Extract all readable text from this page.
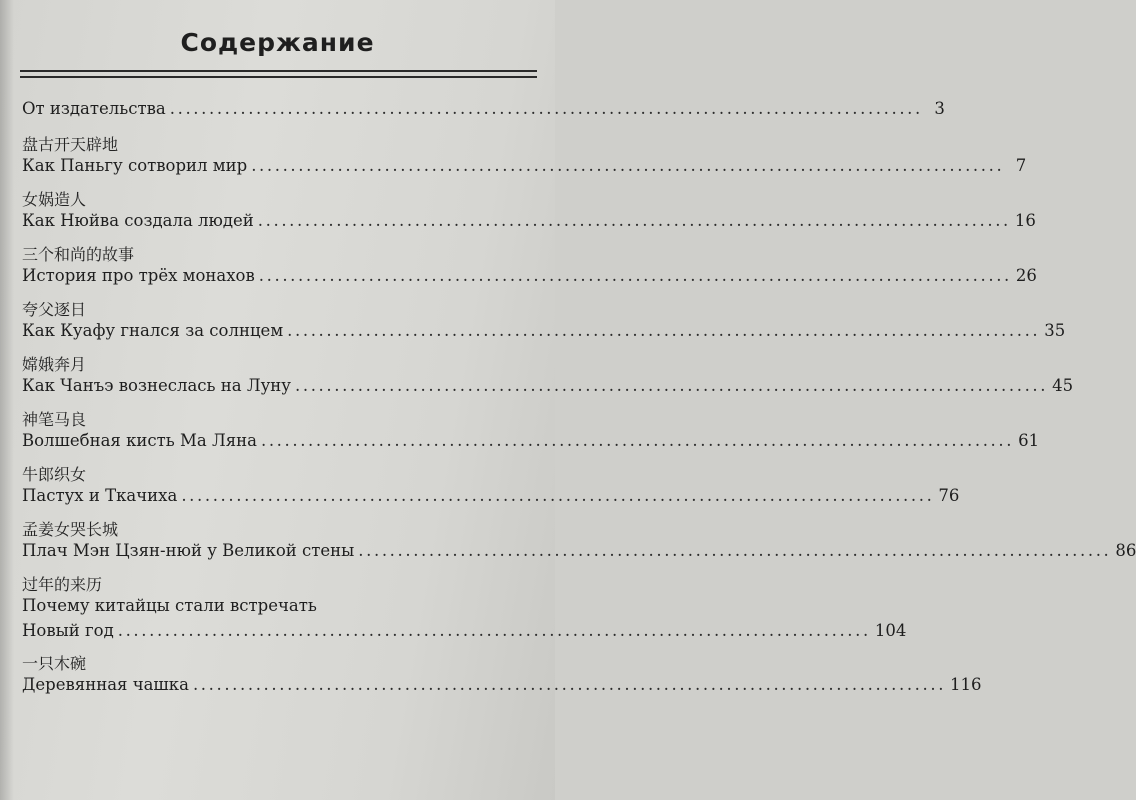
Содержание
От издательства ................................................................................................ 3
盘古开天辟地
Как Паньгу сотворил мир ................................................................................................ 7
女娲造人
Как Нюйва создала людей ................................................................................................ 16
三个和尚的故事
История про трёх монахов ................................................................................................ 26
夸父逐日
Как Куафу гнался за солнцем ................................................................................................ 35
嫦娥奔月
Как Чанъэ вознеслась на Луну ................................................................................................ 45
神笔马良
Волшебная кисть Ма Ляна ................................................................................................ 61
牛郎织女
Пастух и Ткачиха ................................................................................................ 76
孟姜女哭长城
Плач Мэн Цзян-нюй у Великой стены ................................................................................................ 86
过年的来历
Почему китайцы стали встречать
Новый год ................................................................................................ 104
一只木碗
Деревянная чашка ................................................................................................ 116
